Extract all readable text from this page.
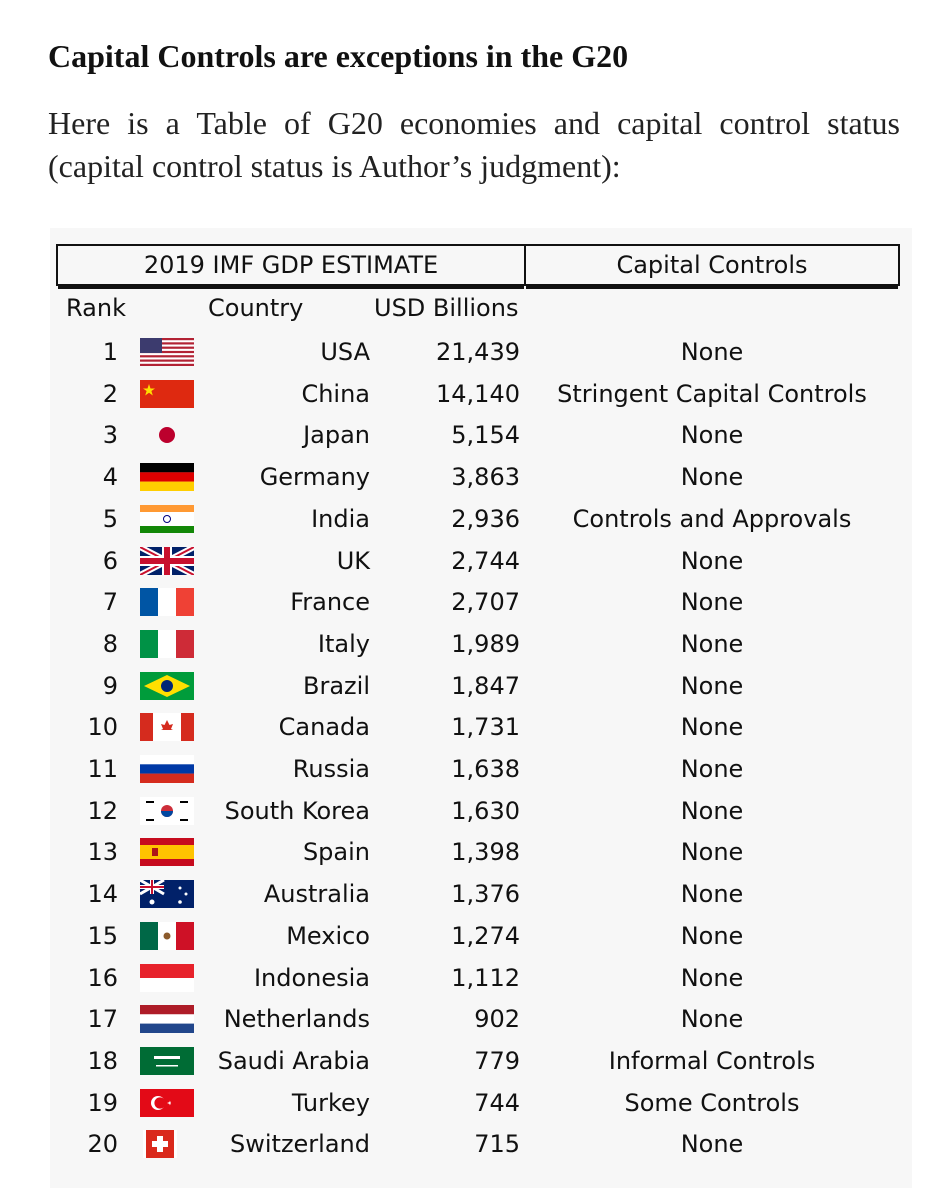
Capital Controls are exceptions in the G20
Here is a Table of G20 economies and capital control status (capital control status is Author’s judgment):
2019 IMF GDP ESTIMATE	Capital Controls
Rank	Country	USD Billions
1	USA	21,439	None
2	China	14,140	Stringent Capital Controls
3	Japan	5,154	None
4	Germany	3,863	None
5	India	2,936	Controls and Approvals
6	UK	2,744	None
7	France	2,707	None
8	Italy	1,989	None
9	Brazil	1,847	None
10	Canada	1,731	None
11	Russia	1,638	None
12	South Korea	1,630	None
13	Spain	1,398	None
14	Australia	1,376	None
15	Mexico	1,274	None
16	Indonesia	1,112	None
17	Netherlands	902	None
18	Saudi Arabia	779	Informal Controls
19	Turkey	744	Some Controls
20	Switzerland	715	None
